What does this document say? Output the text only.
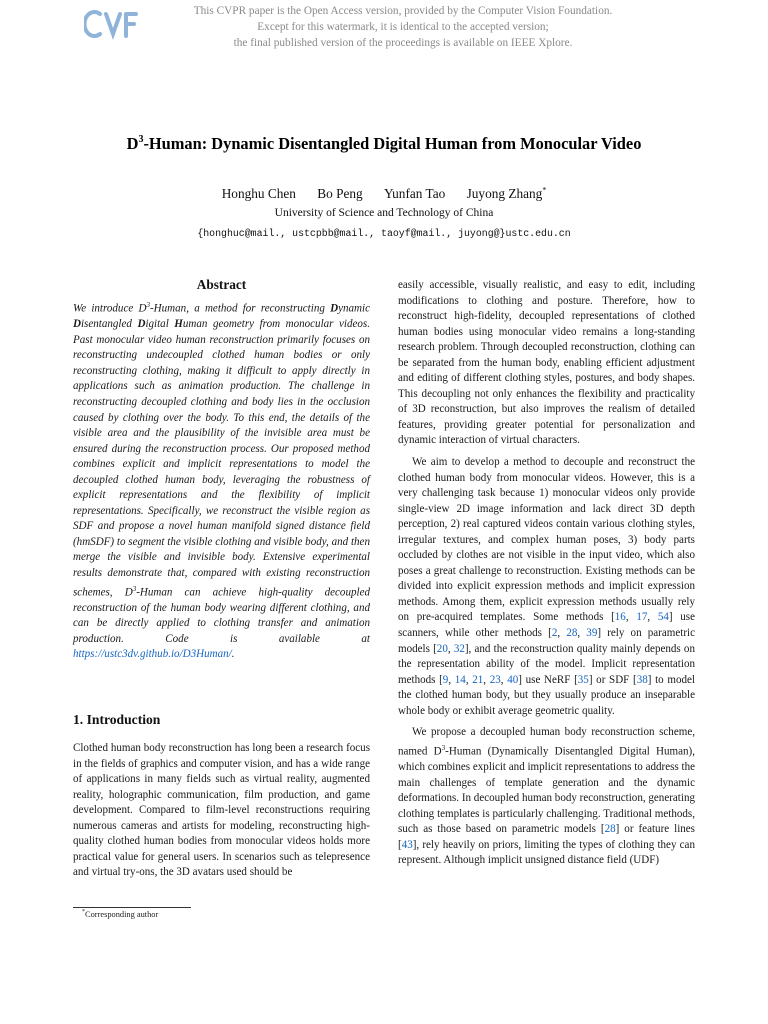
This CVPR paper is the Open Access version, provided by the Computer Vision Foundation.
Except for this watermark, it is identical to the accepted version;
the final published version of the proceedings is available on IEEE Xplore.
$D^3$-Human: Dynamic Disentangled Digital Human from Monocular Video
Honghu Chen Bo Peng Yunfan Tao Juyong Zhang*
University of Science and Technology of China
{honghuc@mail., ustcpbb@mail., taoyf@mail., juyong@}ustc.edu.cn
Abstract

We introduce $D^3$-Human, a method for reconstructing Dynamic Disentangled Digital Human geometry from monocular videos. Past monocular video human reconstruction primarily focuses on reconstructing undecoupled clothed human bodies or only reconstructing clothing, making it difficult to apply directly in applications such as animation production. The challenge in reconstructing decoupled clothing and body lies in the occlusion caused by clothing over the body. To this end, the details of the visible area and the plausibility of the invisible area must be ensured during the reconstruction process. Our proposed method combines explicit and implicit representations to model the decoupled clothed human body, leveraging the robustness of explicit representations and the flexibility of implicit representations. Specifically, we reconstruct the visible region as SDF and propose a novel human manifold signed distance field (hmSDF) to segment the visible clothing and visible body, and then merge the visible and invisible body. Extensive experimental results demonstrate that, compared with existing reconstruction schemes, $D^3$-Human can achieve high-quality decoupled reconstruction of the human body wearing different clothing, and can be directly applied to clothing transfer and animation production. Code is available at https://ustc3dv.github.io/D3Human/.

1. Introduction

Clothed human body reconstruction has long been a research focus in the fields of graphics and computer vision, and has a wide range of applications in many fields such as virtual reality, augmented reality, holographic communication, film production, and game development. Compared to film-level reconstructions requiring numerous cameras and artists for modeling, reconstructing high-quality clothed human bodies from monocular videos holds more practical value for general users. In scenarios such as telepresence and virtual try-ons, the 3D avatars used should be

*Corresponding author

easily accessible, visually realistic, and easy to edit, including modifications to clothing and posture. Therefore, how to reconstruct high-fidelity, decoupled representations of clothed human bodies using monocular video remains a long-standing research problem. Through decoupled reconstruction, clothing can be separated from the human body, enabling efficient adjustment and editing of different clothing styles, postures, and body shapes. This decoupling not only enhances the flexibility and practicality of 3D reconstruction, but also improves the realism of detailed features, providing greater potential for personalization and dynamic interaction of virtual characters.

We aim to develop a method to decouple and reconstruct the clothed human body from monocular videos. However, this is a very challenging task because 1) monocular videos only provide single-view 2D image information and lack direct 3D depth perception, 2) real captured videos contain various clothing styles, irregular textures, and complex human poses, 3) body parts occluded by clothes are not visible in the input video, which also poses a great challenge to reconstruction. Existing methods can be divided into explicit expression methods and implicit expression methods. Among them, explicit expression methods usually rely on pre-acquired templates. Some methods [16, 17, 54] use scanners, while other methods [2, 28, 39] rely on parametric models [20, 32], and the reconstruction quality mainly depends on the representation ability of the model. Implicit representation methods [9, 14, 21, 23, 40] use NeRF [35] or SDF [38] to model the clothed human body, but they usually produce an inseparable whole body or exhibit average geometric quality.

We propose a decoupled human body reconstruction scheme, named $D^3$-Human (Dynamically Disentangled Digital Human), which combines explicit and implicit representations to address the main challenges of template generation and the dynamic deformations. In decoupled human body reconstruction, generating clothing templates is particularly challenging. Traditional methods, such as those based on parametric models [28] or feature lines [43], rely heavily on priors, limiting the types of clothing they can represent. Although implicit unsigned distance field (UDF)
